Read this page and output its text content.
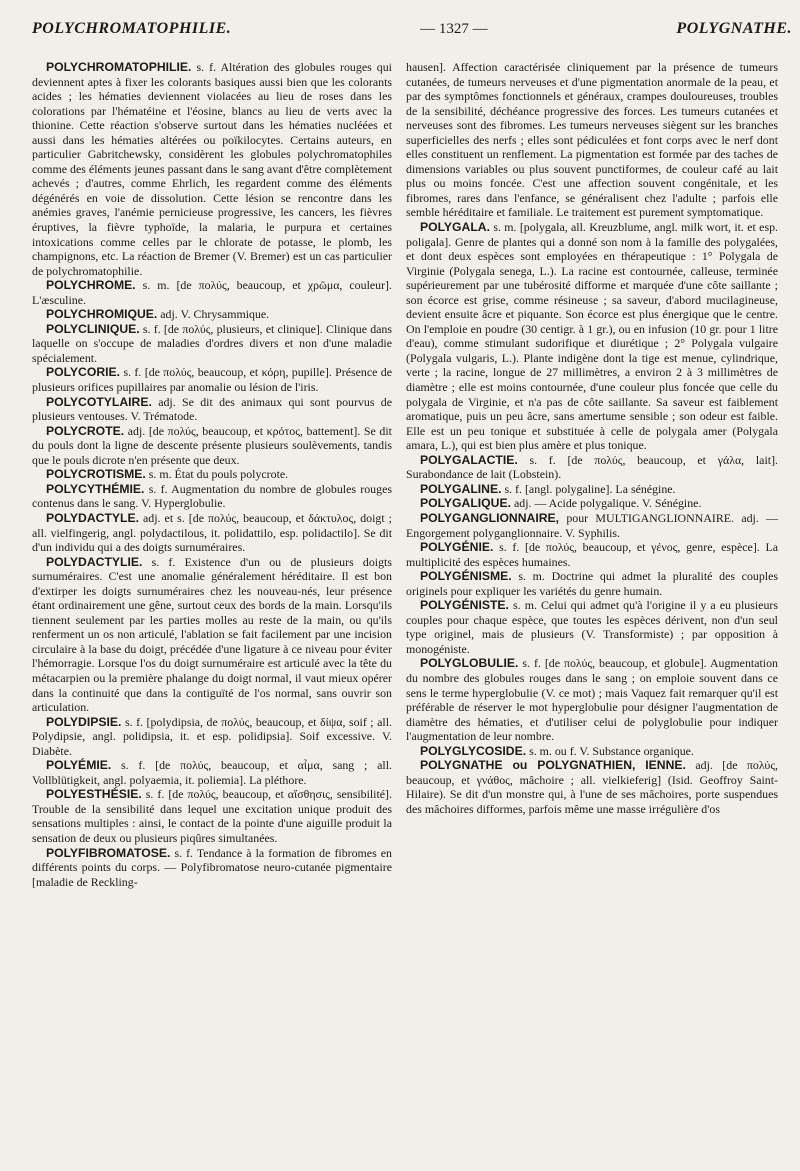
POLYCHROMATOPHILIE.	— 1327 —	POLYGNATHE.

POLYCHROMATOPHILIE. s. f. Altération des globules rouges qui deviennent aptes à fixer les colorants basiques aussi bien que les colorants acides ; les hématies deviennent violacées au lieu de roses dans les colorations par l'hématéine et l'éosine, blancs au lieu de verts avec la thionine. Cette réaction s'observe surtout dans les hématies nucléées et aussi dans les hématies altérées ou poïkilocytes. Certains auteurs, en particulier Gabritchewsky, considèrent les globules polychromatophiles comme des éléments jeunes passant dans le sang avant d'être complètement achevés ; d'autres, comme Ehrlich, les regardent comme des éléments dégénérés en voie de dissolution. Cette lésion se rencontre dans les anémies graves, l'anémie pernicieuse progressive, les cancers, les fièvres éruptives, la fièvre typhoïde, la malaria, le purpura et certaines intoxications comme celles par le chlorate de potasse, le plomb, les champignons, etc. La réaction de Bremer (V. Bremer) est un cas particulier de polychromatophilie.

POLYCHROME. s. m. [de πολύς, beaucoup, et χρῶμα, couleur]. L'æsculine.

POLYCHROMIQUE. adj. V. Chrysammique.

POLYCLINIQUE. s. f. [de πολύς, plusieurs, et clinique]. Clinique dans laquelle on s'occupe de maladies d'ordres divers et non d'une maladie spécialement.

POLYCORIE. s. f. [de πολύς, beaucoup, et κόρη, pupille]. Présence de plusieurs orifices pupillaires par anomalie ou lésion de l'iris.

POLYCOTYLAIRE. adj. Se dit des animaux qui sont pourvus de plusieurs ventouses. V. Trématode.

POLYCROTE. adj. [de πολύς, beaucoup, et κρότος, battement]. Se dit du pouls dont la ligne de descente présente plusieurs soulèvements, tandis que le pouls dicrote n'en présente que deux.

POLYCROTISME. s. m. État du pouls polycrote.

POLYCYTHÉMIE. s. f. Augmentation du nombre de globules rouges contenus dans le sang. V. Hyperglobulie.

POLYDACTYLE. adj. et s. [de πολύς, beaucoup, et δάκτυλος, doigt ; all. vielfingerig, angl. polydactilous, it. polidattilo, esp. polidactilo]. Se dit d'un individu qui a des doigts surnuméraires.

POLYDACTYLIE. s. f. Existence d'un ou de plusieurs doigts surnuméraires. C'est une anomalie généralement héréditaire. Il est bon d'extirper les doigts surnuméraires chez les nouveau-nés, leur présence étant ordinairement une gêne, surtout ceux des bords de la main. Lorsqu'ils tiennent seulement par les parties molles au reste de la main, ou qu'ils renferment un os non articulé, l'ablation se fait facilement par une incision circulaire à la base du doigt, précédée d'une ligature à ce niveau pour éviter l'hémorragie. Lorsque l'os du doigt surnuméraire est articulé avec la tête du métacarpien ou la première phalange du doigt normal, il vaut mieux opérer dans la continuité que dans la contiguïté de l'os normal, sans ouvrir son articulation.

POLYDIPSIE. s. f. [polydipsia, de πολύς, beaucoup, et δίψα, soif ; all. Polydipsie, angl. polidipsia, it. et esp. polidipsia]. Soif excessive. V. Diabète.

POLYÉMIE. s. f. [de πολύς, beaucoup, et αἷμα, sang ; all. Vollblütigkeit, angl. polyaemia, it. poliemia]. La pléthore.

POLYESTHÉSIE. s. f. [de πολύς, beaucoup, et αἴσθησις, sensibilité]. Trouble de la sensibilité dans lequel une excitation unique produit des sensations multiples : ainsi, le contact de la pointe d'une aiguille produit la sensation de deux ou plusieurs piqûres simultanées.

POLYFIBROMATOSE. s. f. Tendance à la formation de fibromes en différents points du corps. — Polyfibromatose neuro-cutanée pigmentaire [maladie de Reckling-

hausen]. Affection caractérisée cliniquement par la présence de tumeurs cutanées, de tumeurs nerveuses et d'une pigmentation anormale de la peau, et par des symptômes fonctionnels et généraux, crampes douloureuses, troubles de la sensibilité, déchéance progressive des forces. Les tumeurs cutanées et nerveuses sont des fibromes. Les tumeurs nerveuses siègent sur les branches superficielles des nerfs ; elles sont pédiculées et font corps avec le nerf dont elles constituent un renflement. La pigmentation est formée par des taches de dimensions variables ou plus souvent punctiformes, de couleur café au lait plus ou moins foncée. C'est une affection souvent congénitale, et les fibromes, rares dans l'enfance, se généralisent chez l'adulte ; parfois elle semble héréditaire et familiale. Le traitement est purement symptomatique.

POLYGALA. s. m. [polygala, all. Kreuzblume, angl. milk wort, it. et esp. poligala]. Genre de plantes qui a donné son nom à la famille des polygalées, et dont deux espèces sont employées en thérapeutique : 1° Polygala de Virginie (Polygala senega, L.). La racine est contournée, calleuse, terminée supérieurement par une tubérosité difforme et marquée d'une côte saillante ; son écorce est grise, comme résineuse ; sa saveur, d'abord mucilagineuse, devient ensuite âcre et piquante. Son écorce est plus énergique que le centre. On l'emploie en poudre (30 centigr. à 1 gr.), ou en infusion (10 gr. pour 1 litre d'eau), comme stimulant sudorifique et diurétique ; 2° Polygala vulgaire (Polygala vulgaris, L.). Plante indigène dont la tige est menue, cylindrique, verte ; la racine, longue de 27 millimètres, a environ 2 à 3 millimètres de diamètre ; elle est moins contournée, d'une couleur plus foncée que celle du polygala de Virginie, et n'a pas de côte saillante. Sa saveur est faiblement aromatique, puis un peu âcre, sans amertume sensible ; son odeur est faible. Elle est un peu tonique et substituée à celle de polygala amer (Polygala amara, L.), qui est bien plus amère et plus tonique.

POLYGALACTIE. s. f. [de πολύς, beaucoup, et γάλα, lait]. Surabondance de lait (Lobstein).

POLYGALINE. s. f. [angl. polygaline]. La sénégine.

POLYGALIQUE. adj. — Acide polygalique. V. Sénégine.

POLYGANGLIONNAIRE, pour MULTIGANGLIONNAIRE. adj. — Engorgement polyganglionnaire. V. Syphilis.

POLYGÉNIE. s. f. [de πολύς, beaucoup, et γένος, genre, espèce]. La multiplicité des espèces humaines.

POLYGÉNISME. s. m. Doctrine qui admet la pluralité des couples originels pour expliquer les variétés du genre humain.

POLYGÉNISTE. s. m. Celui qui admet qu'à l'origine il y a eu plusieurs couples pour chaque espèce, que toutes les espèces dérivent, non d'un seul type originel, mais de plusieurs (V. Transformiste) ; par opposition à monogéniste.

POLYGLOBULIE. s. f. [de πολύς, beaucoup, et globule]. Augmentation du nombre des globules rouges dans le sang ; on emploie souvent dans ce sens le terme hyperglobulie (V. ce mot) ; mais Vaquez fait remarquer qu'il est préférable de réserver le mot hyperglobulie pour désigner l'augmentation de diamètre des hématies, et d'utiliser celui de polyglobulie pour indiquer l'augmentation de leur nombre.

POLYGLYCOSIDE. s. m. ou f. V. Substance organique.

POLYGNATHE ou POLYGNATHIEN, IENNE. adj. [de πολύς, beaucoup, et γνάθος, mâchoire ; all. vielkieferig] (Isid. Geoffroy Saint-Hilaire). Se dit d'un monstre qui, à l'une de ses mâchoires, porte suspendues des mâchoires difformes, parfois même une masse irrégulière d'os
